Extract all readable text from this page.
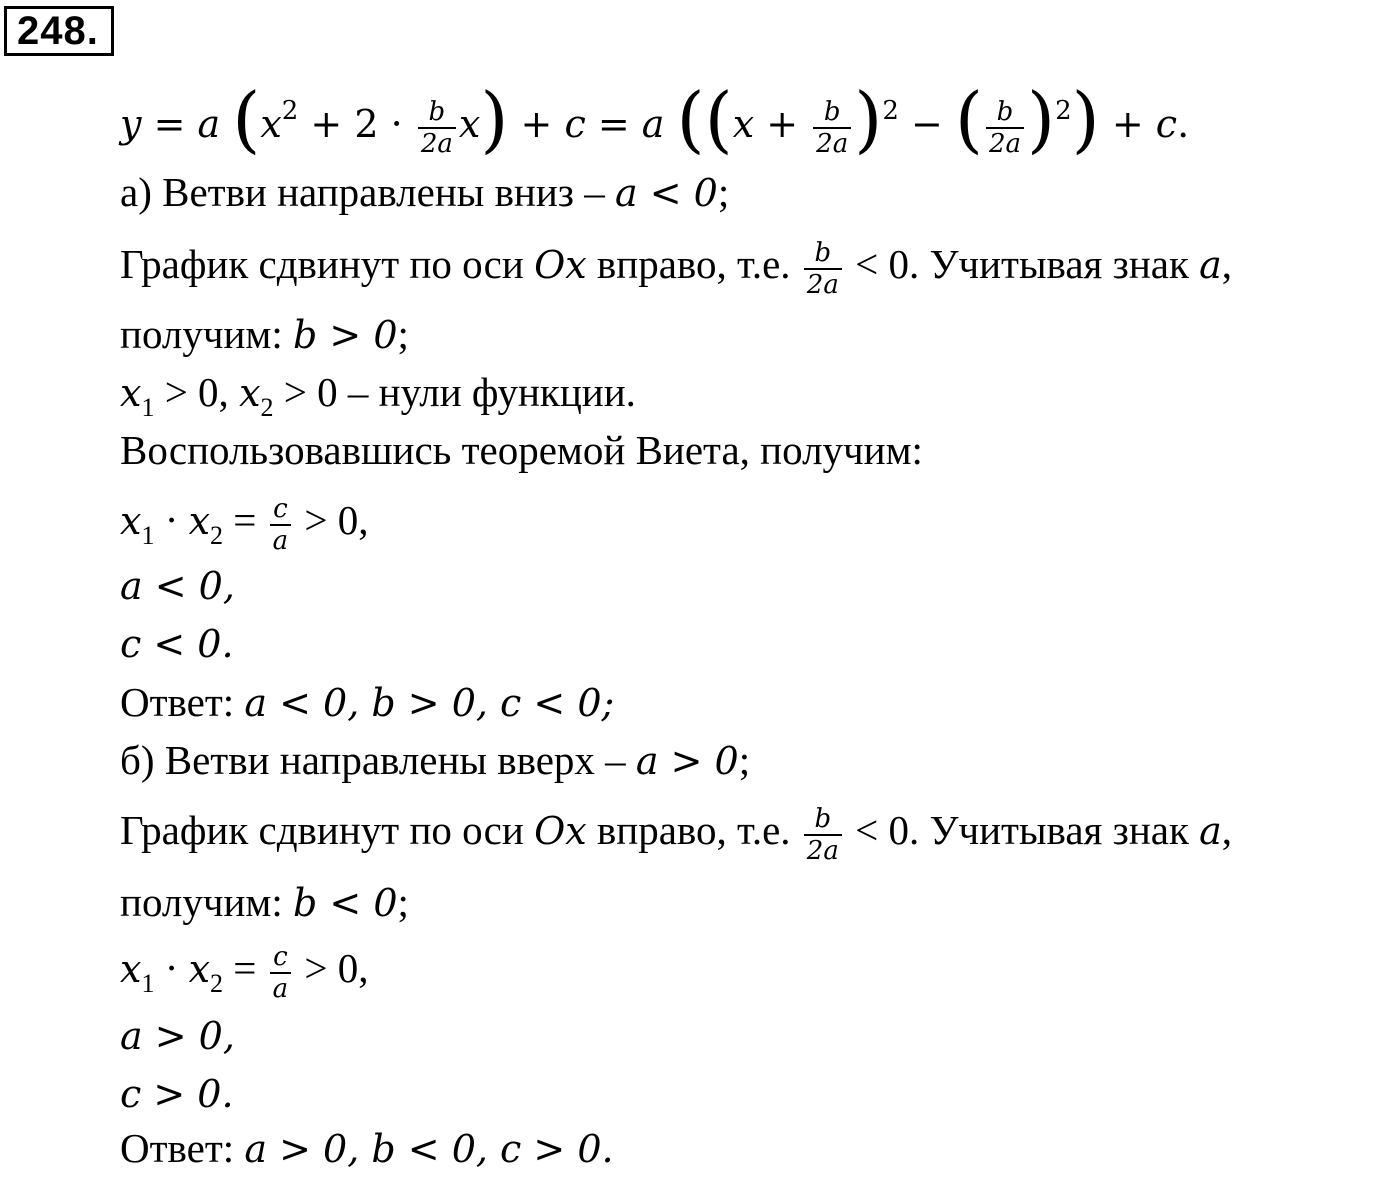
248.
y = a $(x^2 + 2 \cdot \frac{b}{2a} x) + c = a$ ($(x + \frac{b}{2a} )^2$ − ( $\frac{b}{2a} )^2) + c$.
а) Ветви направлены вниз – a < 0;
График сдвинут по оси Ox вправо, т.е. $\frac{b}{2a} < 0$. Учитывая знак a,
получим: b > 0;
$x_1 > 0$, $x_2 > 0$ – нули функции.
Воспользовавшись теоремой Виета, получим:
$x_1 \cdot x_2 = \frac{c}{a} > 0$,
a < 0,
c < 0.
Ответ: a < 0, b > 0, c < 0;
б) Ветви направлены вверх – a > 0;
График сдвинут по оси Ox вправо, т.е. $\frac{b}{2a} < 0$. Учитывая знак a,
получим: b < 0;
$x_1 \cdot x_2 = \frac{c}{a} > 0$,
a > 0,
c > 0.
Ответ: a > 0, b < 0, c > 0.
